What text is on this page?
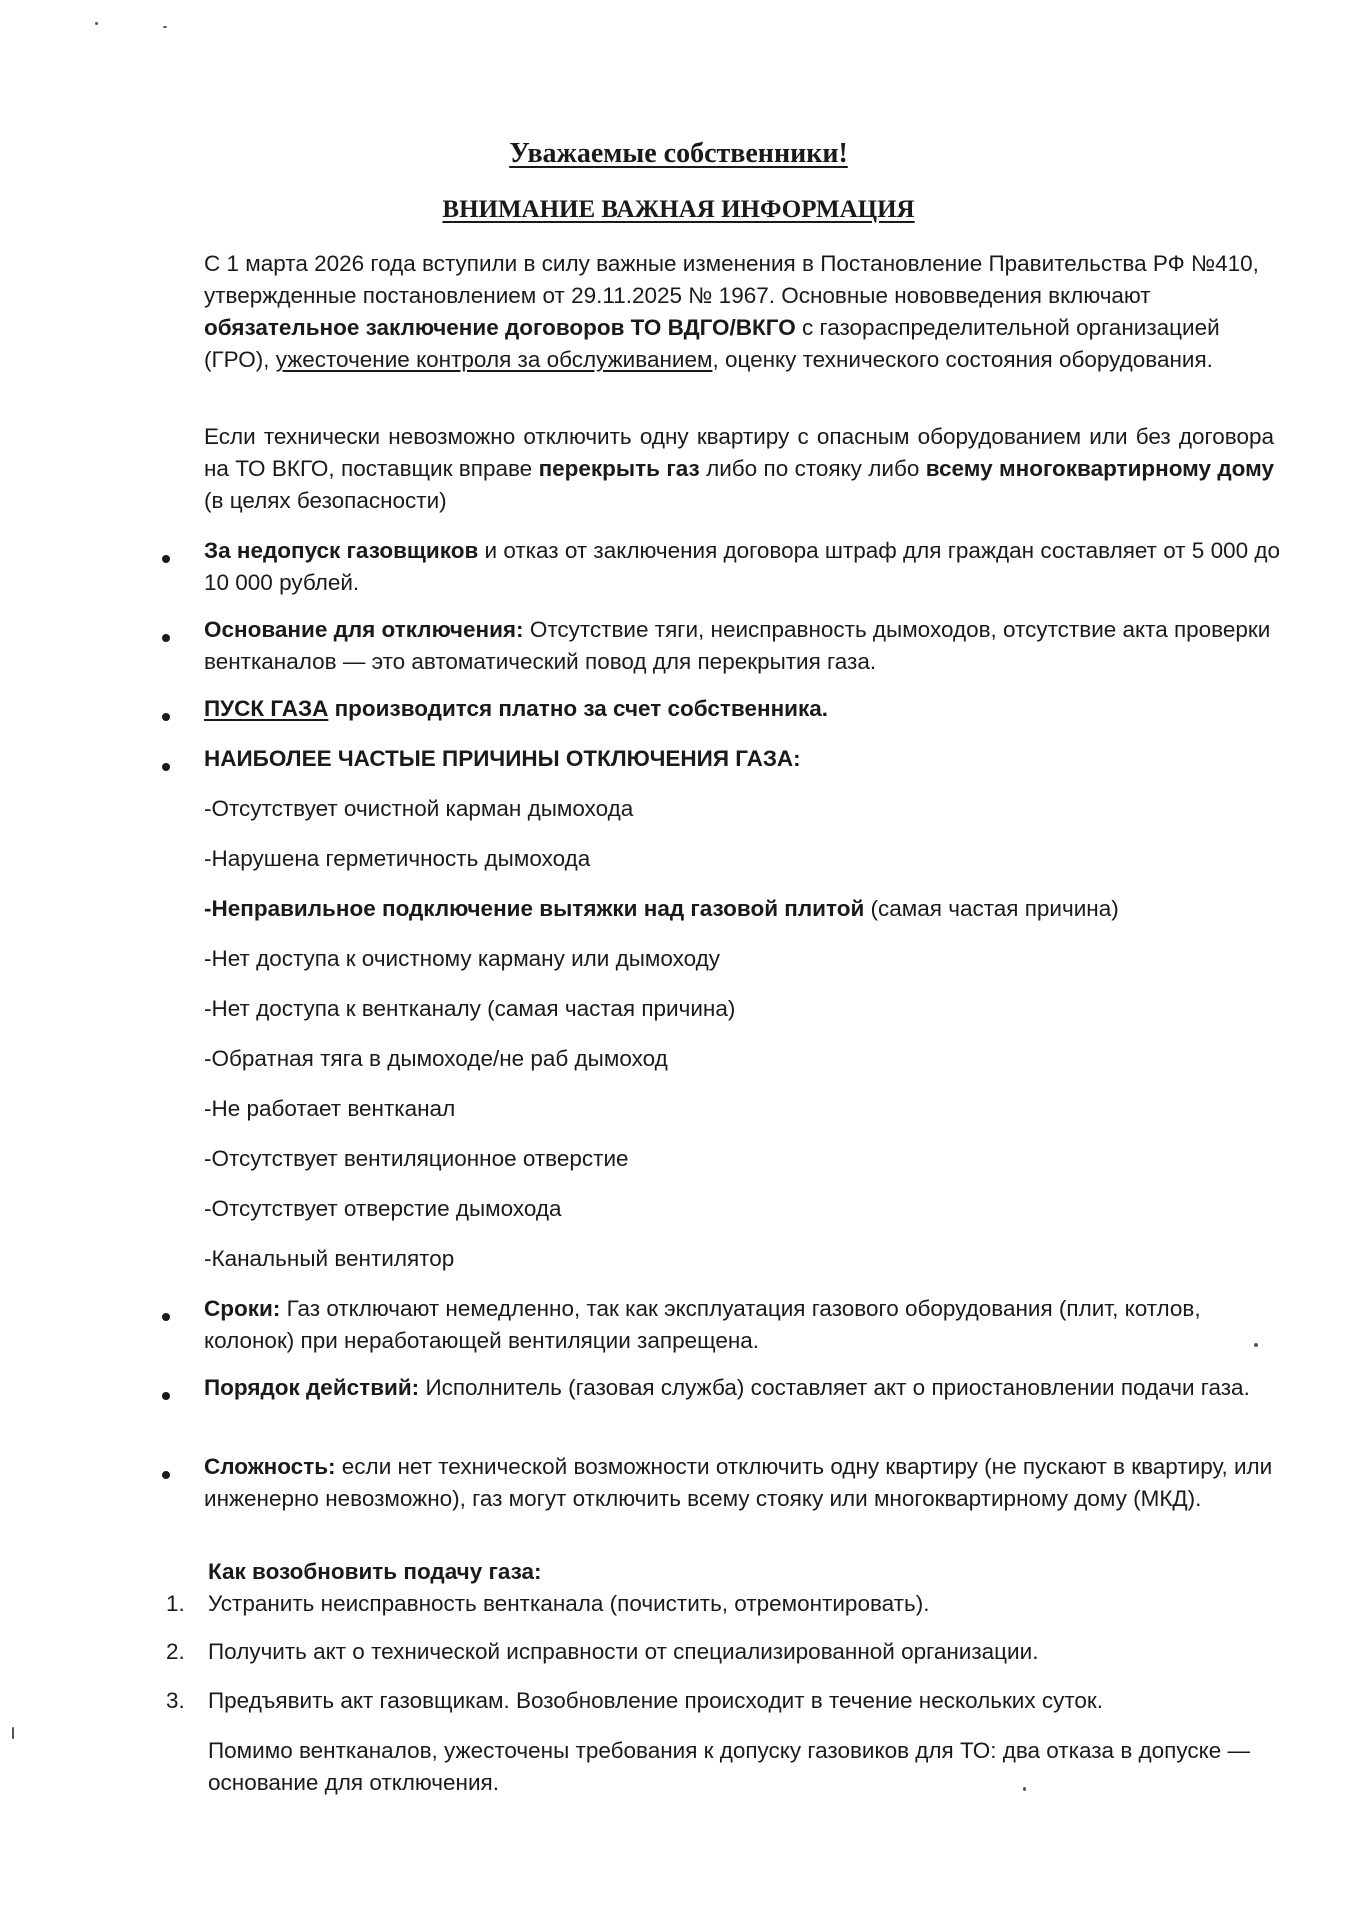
Уважаемые собственники!
ВНИМАНИЕ ВАЖНАЯ ИНФОРМАЦИЯ
С 1 марта 2026 года вступили в силу важные изменения в Постановление Правительства РФ №410, утвержденные постановлением от 29.11.2025 № 1967. Основные нововведения включают обязательное заключение договоров ТО ВДГО/ВКГО с газораспределительной организацией (ГРО), ужесточение контроля за обслуживанием, оценку технического состояния оборудования.
Если технически невозможно отключить одну квартиру с опасным оборудованием или без договора на ТО ВКГО, поставщик вправе перекрыть газ либо по стояку либо всему многоквартирному дому (в целях безопасности)
За недопуск газовщиков и отказ от заключения договора штраф для граждан составляет от 5 000 до 10 000 рублей.
Основание для отключения: Отсутствие тяги, неисправность дымоходов, отсутствие акта проверки вентканалов — это автоматический повод для перекрытия газа.
ПУСК ГАЗА производится платно за счет собственника.
НАИБОЛЕЕ ЧАСТЫЕ ПРИЧИНЫ ОТКЛЮЧЕНИЯ ГАЗА:
-Отсутствует очистной карман дымохода
-Нарушена герметичность дымохода
-Неправильное подключение вытяжки над газовой плитой (самая частая причина)
-Нет доступа к очистному карману или дымоходу
-Нет доступа к вентканалу (самая частая причина)
-Обратная тяга в дымоходе/не раб дымоход
-Не работает вентканал
-Отсутствует вентиляционное отверстие
-Отсутствует отверстие дымохода
-Канальный вентилятор
Сроки: Газ отключают немедленно, так как эксплуатация газового оборудования (плит, котлов, колонок) при неработающей вентиляции запрещена.
Порядок действий: Исполнитель (газовая служба) составляет акт о приостановлении подачи газа.
Сложность: если нет технической возможности отключить одну квартиру (не пускают в квартиру, или инженерно невозможно), газ могут отключить всему стояку или многоквартирному дому (МКД).
Как возобновить подачу газа:
1.	Устранить неисправность вентканала (почистить, отремонтировать).
2.	Получить акт о технической исправности от специализированной организации.
3.	Предъявить акт газовщикам. Возобновление происходит в течение нескольких суток.
Помимо вентканалов, ужесточены требования к допуску газовиков для ТО: два отказа в допуске — основание для отключения.
